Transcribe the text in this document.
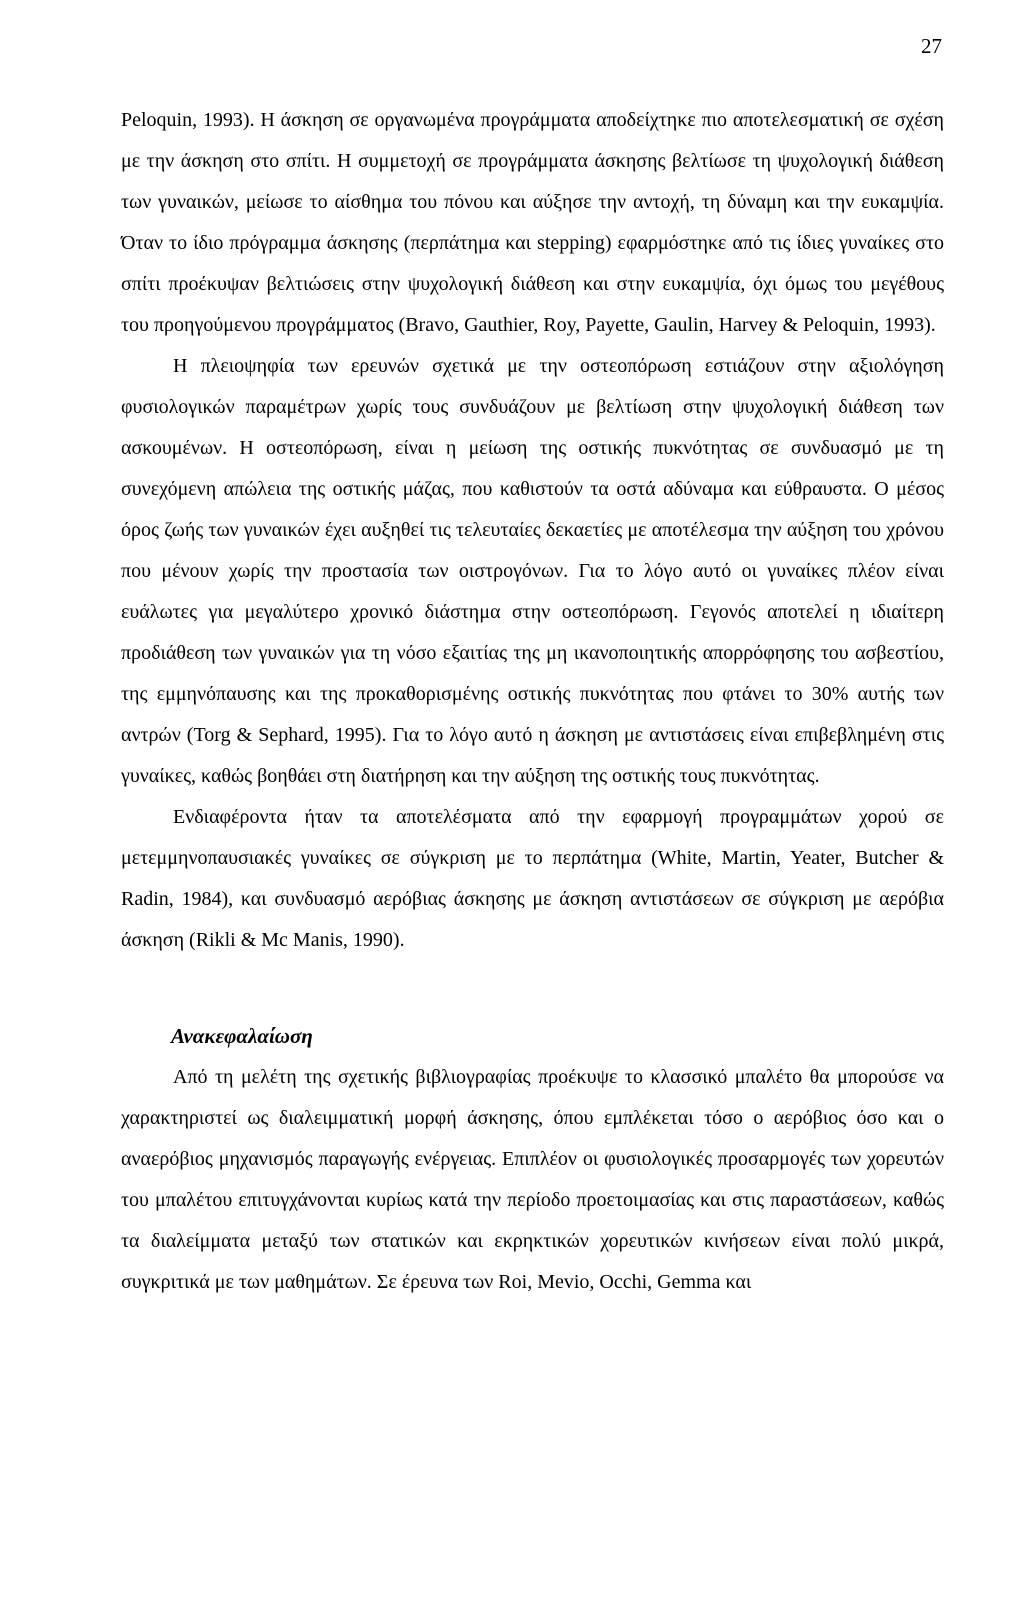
27

Peloquin, 1993). Η άσκηση σε οργανωμένα προγράμματα αποδείχτηκε πιο αποτελεσματική σε σχέση με την άσκηση στο σπίτι. Η συμμετοχή σε προγράμματα άσκησης βελτίωσε τη ψυχολογική διάθεση των γυναικών, μείωσε το αίσθημα του πόνου και αύξησε την αντοχή, τη δύναμη και την ευκαμψία. Όταν το ίδιο πρόγραμμα άσκησης (περπάτημα και stepping) εφαρμόστηκε από τις ίδιες γυναίκες στο σπίτι προέκυψαν βελτιώσεις στην ψυχολογική διάθεση και στην ευκαμψία, όχι όμως του μεγέθους του προηγούμενου προγράμματος (Bravo, Gauthier, Roy, Payette, Gaulin, Harvey & Peloquin, 1993).

Η πλειοψηφία των ερευνών σχετικά με την οστεοπόρωση εστιάζουν στην αξιολόγηση φυσιολογικών παραμέτρων χωρίς τους συνδυάζουν με βελτίωση στην ψυχολογική διάθεση των ασκουμένων. Η οστεοπόρωση, είναι η μείωση της οστικής πυκνότητας σε συνδυασμό με τη συνεχόμενη απώλεια της οστικής μάζας, που καθιστούν τα οστά αδύναμα και εύθραυστα. Ο μέσος όρος ζωής των γυναικών έχει αυξηθεί τις τελευταίες δεκαετίες με αποτέλεσμα την αύξηση του χρόνου που μένουν χωρίς την προστασία των οιστρογόνων. Για το λόγο αυτό οι γυναίκες πλέον είναι ευάλωτες για μεγαλύτερο χρονικό διάστημα στην οστεοπόρωση. Γεγονός αποτελεί η ιδιαίτερη προδιάθεση των γυναικών για τη νόσο εξαιτίας της μη ικανοποιητικής απορρόφησης του ασβεστίου, της εμμηνόπαυσης και της προκαθορισμένης οστικής πυκνότητας που φτάνει το 30% αυτής των αντρών (Torg & Sephard, 1995). Για το λόγο αυτό η άσκηση με αντιστάσεις είναι επιβεβλημένη στις γυναίκες, καθώς βοηθάει στη διατήρηση και την αύξηση της οστικής τους πυκνότητας.

Ενδιαφέροντα ήταν τα αποτελέσματα από την εφαρμογή προγραμμάτων χορού σε μετεμμηνοπαυσιακές γυναίκες σε σύγκριση με το περπάτημα (White, Martin, Yeater, Butcher & Radin, 1984), και συνδυασμό αερόβιας άσκησης με άσκηση αντιστάσεων σε σύγκριση με αερόβια άσκηση (Rikli & Mc Manis, 1990).

Ανακεφαλαίωση

Από τη μελέτη της σχετικής βιβλιογραφίας προέκυψε το κλασσικό μπαλέτο θα μπορούσε να χαρακτηριστεί ως διαλειμματική μορφή άσκησης, όπου εμπλέκεται τόσο ο αερόβιος όσο και ο αναερόβιος μηχανισμός παραγωγής ενέργειας. Επιπλέον οι φυσιολογικές προσαρμογές των χορευτών του μπαλέτου επιτυγχάνονται κυρίως κατά την περίοδο προετοιμασίας και στις παραστάσεων, καθώς τα διαλείμματα μεταξύ των στατικών και εκρηκτικών χορευτικών κινήσεων είναι πολύ μικρά, συγκριτικά με των μαθημάτων. Σε έρευνα των Roi, Mevio, Occhi, Gemma και
